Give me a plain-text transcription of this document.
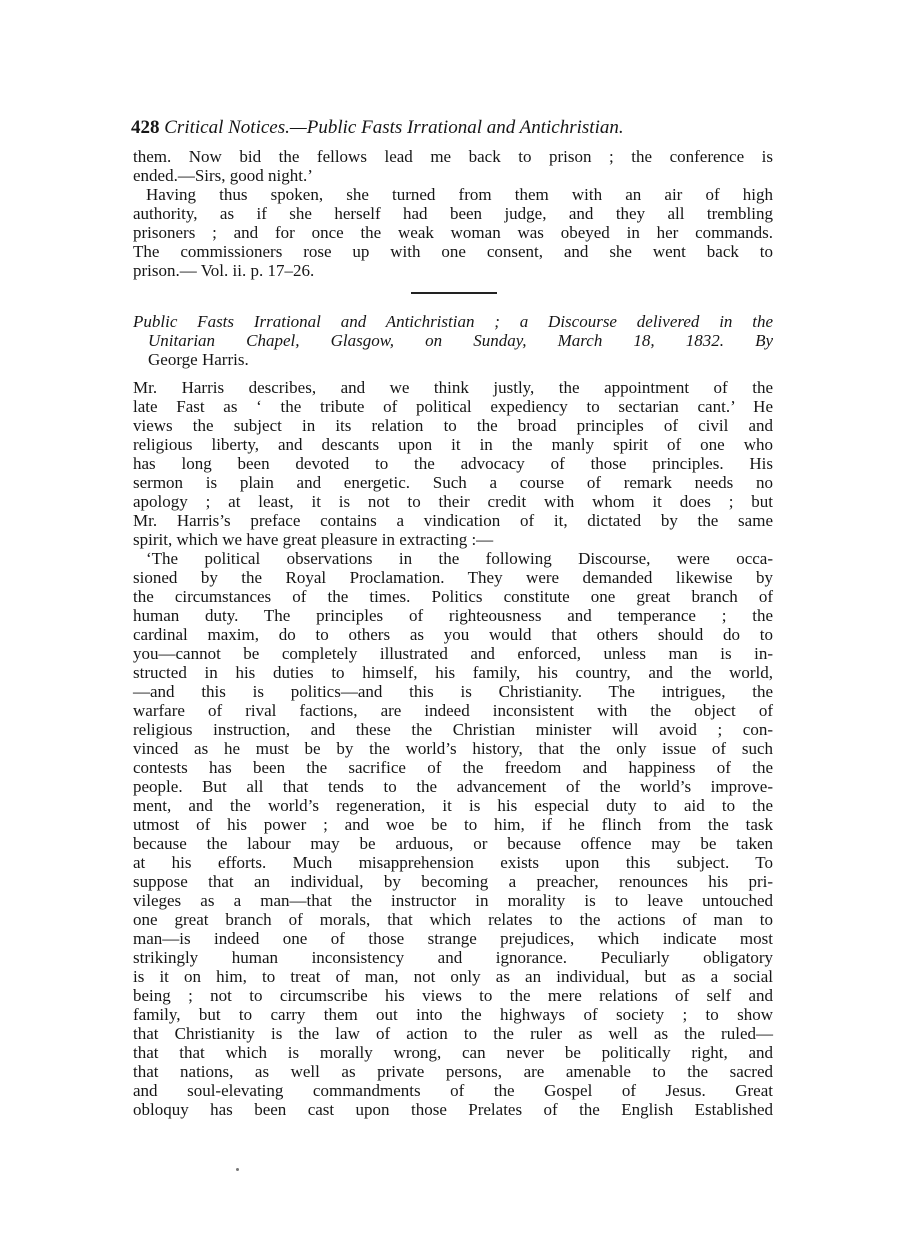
428 Critical Notices.—Public Fasts Irrational and Antichristian.
them. Now bid the fellows lead me back to prison ; the conference is
ended.—Sirs, good night.’
Having thus spoken, she turned from them with an air of high
authority, as if she herself had been judge, and they all trembling
prisoners ; and for once the weak woman was obeyed in her commands.
The commissioners rose up with one consent, and she went back to
prison.— Vol. ii. p. 17–26.
Public Fasts Irrational and Antichristian ; a Discourse delivered in the
Unitarian Chapel, Glasgow, on Sunday, March 18, 1832. By
George Harris.
Mr. Harris describes, and we think justly, the appointment of the
late Fast as ‘ the tribute of political expediency to sectarian cant.’ He
views the subject in its relation to the broad principles of civil and
religious liberty, and descants upon it in the manly spirit of one who
has long been devoted to the advocacy of those principles. His
sermon is plain and energetic. Such a course of remark needs no
apology ; at least, it is not to their credit with whom it does ; but
Mr. Harris’s preface contains a vindication of it, dictated by the same
spirit, which we have great pleasure in extracting :—
‘The political observations in the following Discourse, were occa-
sioned by the Royal Proclamation. They were demanded likewise by
the circumstances of the times. Politics constitute one great branch of
human duty. The principles of righteousness and temperance ; the
cardinal maxim, do to others as you would that others should do to
you—cannot be completely illustrated and enforced, unless man is in-
structed in his duties to himself, his family, his country, and the world,
—and this is politics—and this is Christianity. The intrigues, the
warfare of rival factions, are indeed inconsistent with the object of
religious instruction, and these the Christian minister will avoid ; con-
vinced as he must be by the world’s history, that the only issue of such
contests has been the sacrifice of the freedom and happiness of the
people. But all that tends to the advancement of the world’s improve-
ment, and the world’s regeneration, it is his especial duty to aid to the
utmost of his power ; and woe be to him, if he flinch from the task
because the labour may be arduous, or because offence may be taken
at his efforts. Much misapprehension exists upon this subject. To
suppose that an individual, by becoming a preacher, renounces his pri-
vileges as a man—that the instructor in morality is to leave untouched
one great branch of morals, that which relates to the actions of man to
man—is indeed one of those strange prejudices, which indicate most
strikingly human inconsistency and ignorance. Peculiarly obligatory
is it on him, to treat of man, not only as an individual, but as a social
being ; not to circumscribe his views to the mere relations of self and
family, but to carry them out into the highways of society ; to show
that Christianity is the law of action to the ruler as well as the ruled—
that that which is morally wrong, can never be politically right, and
that nations, as well as private persons, are amenable to the sacred
and soul-elevating commandments of the Gospel of Jesus. Great
obloquy has been cast upon those Prelates of the English Established
